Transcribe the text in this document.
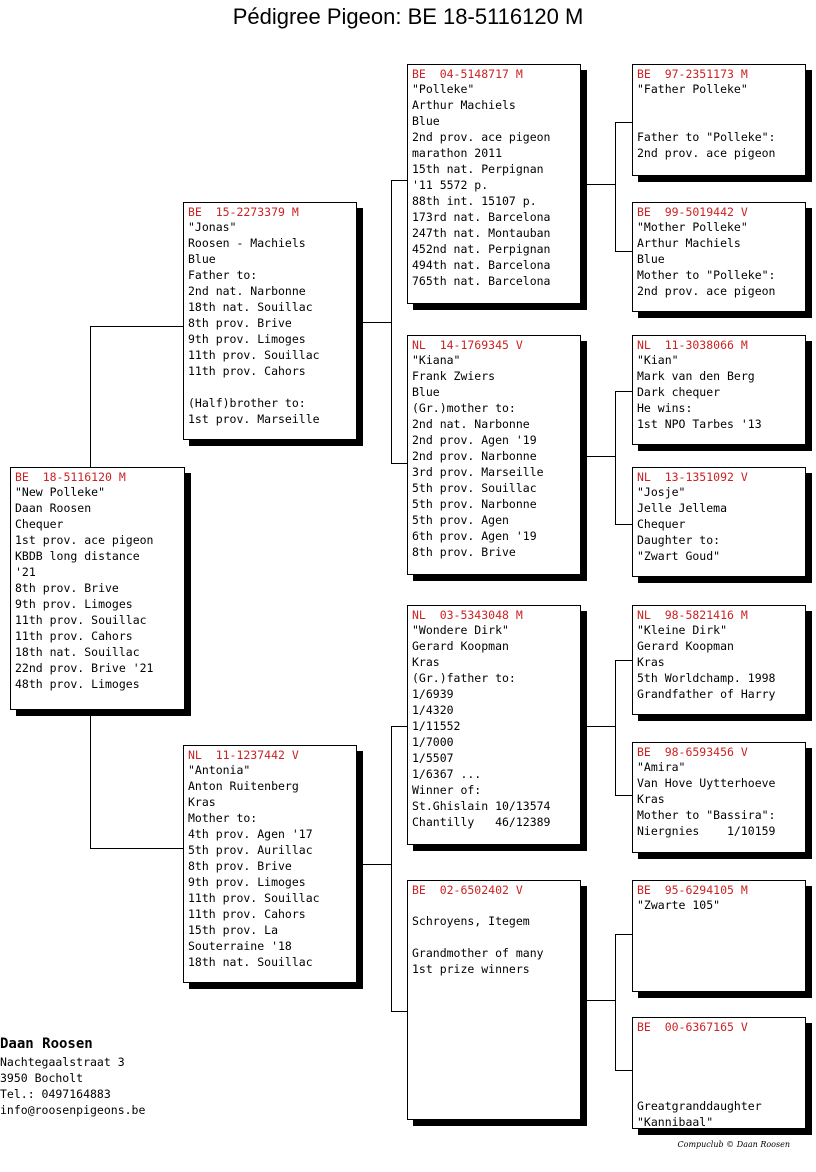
Pédigree Pigeon: BE 18-5116120 M
BE  18-5116120 M
"New Polleke"
Daan Roosen
Chequer
1st prov. ace pigeon
KBDB long distance
'21
8th prov. Brive
9th prov. Limoges
11th prov. Souillac
11th prov. Cahors
18th nat. Souillac
22nd prov. Brive '21
48th prov. Limoges
BE  15-2273379 M
"Jonas"
Roosen - Machiels
Blue
Father to:
2nd nat. Narbonne
18th nat. Souillac
8th prov. Brive
9th prov. Limoges
11th prov. Souillac
11th prov. Cahors
(Half)brother to:
1st prov. Marseille
NL  11-1237442 V
"Antonia"
Anton Ruitenberg
Kras
Mother to:
4th prov. Agen '17
5th prov. Aurillac
8th prov. Brive
9th prov. Limoges
11th prov. Souillac
11th prov. Cahors
15th prov. La
Souterraine '18
18th nat. Souillac
BE  04-5148717 M
"Polleke"
Arthur Machiels
Blue
2nd prov. ace pigeon
marathon 2011
15th nat. Perpignan
'11 5572 p.
88th int. 15107 p.
173rd nat. Barcelona
247th nat. Montauban
452nd nat. Perpignan
494th nat. Barcelona
765th nat. Barcelona
NL  14-1769345 V
"Kiana"
Frank Zwiers
Blue
(Gr.)mother to:
2nd nat. Narbonne
2nd prov. Agen '19
2nd prov. Narbonne
3rd prov. Marseille
5th prov. Souillac
5th prov. Narbonne
5th prov. Agen
6th prov. Agen '19
8th prov. Brive
NL  03-5343048 M
"Wondere Dirk"
Gerard Koopman
Kras
(Gr.)father to:
1/6939
1/4320
1/11552
1/7000
1/5507
1/6367 ...
Winner of:
St.Ghislain 10/13574
Chantilly   46/12389
BE  02-6502402 V
Schroyens, Itegem
Grandmother of many
1st prize winners
BE  97-2351173 M
"Father Polleke"
Father to "Polleke":
2nd prov. ace pigeon
BE  99-5019442 V
"Mother Polleke"
Arthur Machiels
Blue
Mother to "Polleke":
2nd prov. ace pigeon
NL  11-3038066 M
"Kian"
Mark van den Berg
Dark chequer
He wins:
1st NPO Tarbes '13
NL  13-1351092 V
"Josje"
Jelle Jellema
Chequer
Daughter to:
"Zwart Goud"
NL  98-5821416 M
"Kleine Dirk"
Gerard Koopman
Kras
5th Worldchamp. 1998
Grandfather of Harry
BE  98-6593456 V
"Amira"
Van Hove Uytterhoeve
Kras
Mother to "Bassira":
Niergnies    1/10159
BE  95-6294105 M
"Zwarte 105"
BE  00-6367165 V
Greatgranddaughter
"Kannibaal"
Daan Roosen
Nachtegaalstraat 3
3950 Bocholt
Tel.: 0497164883
info@roosenpigeons.be
Compuclub © Daan Roosen
